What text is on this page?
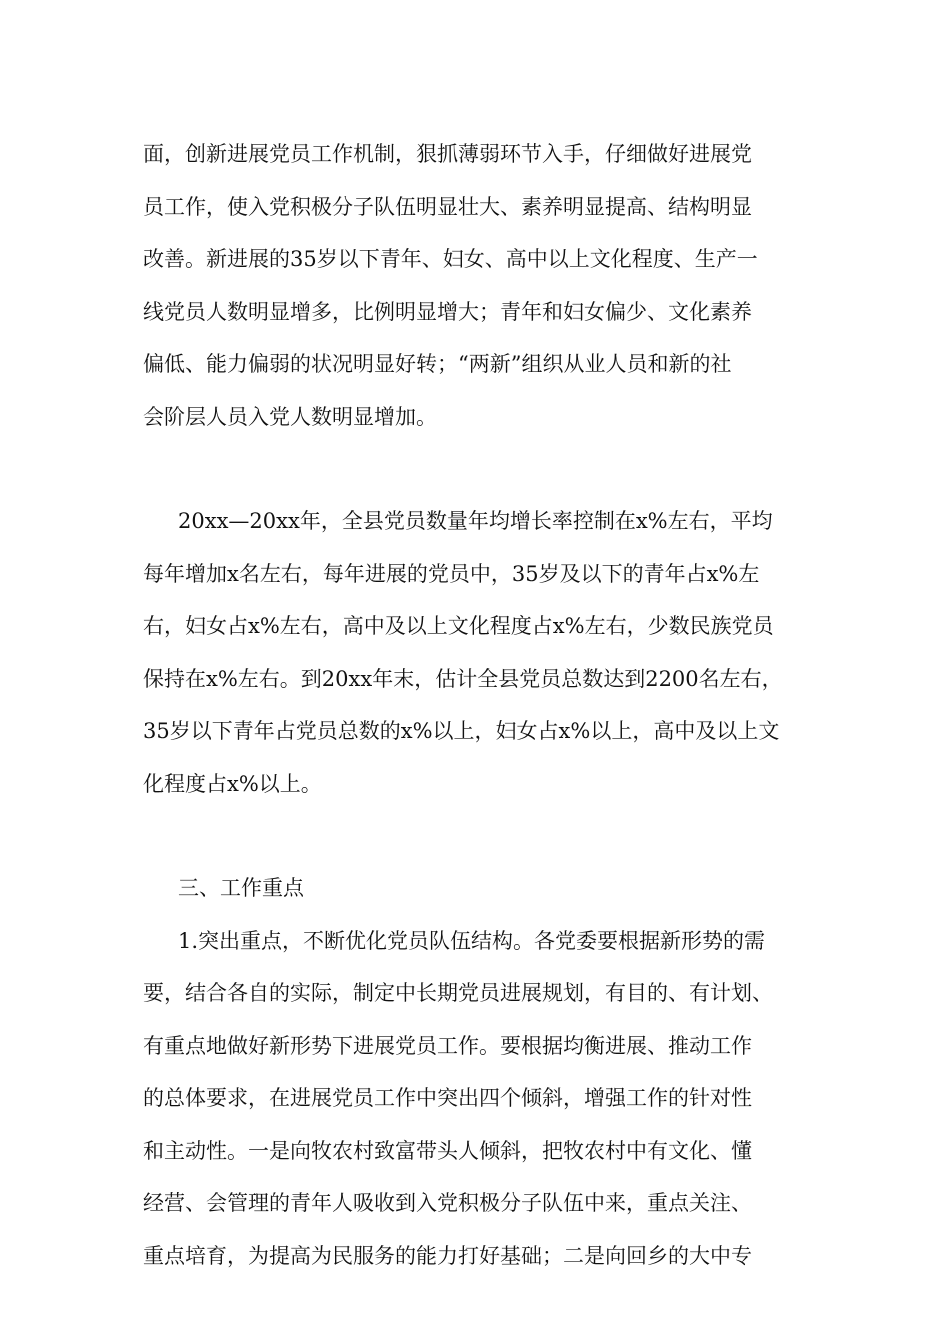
面，创新进展党员工作机制，狠抓薄弱环节入手，仔细做好进展党
员工作，使入党积极分子队伍明显壮大、素养明显提高、结构明显
改善。新进展的35岁以下青年、妇女、高中以上文化程度、生产一
线党员人数明显增多，比例明显增大；青年和妇女偏少、文化素养
偏低、能力偏弱的状况明显好转；“两新”组织从业人员和新的社
会阶层人员入党人数明显增加。
20xx—20xx年，全县党员数量年均增长率控制在x%左右，平均
每年增加x名左右，每年进展的党员中，35岁及以下的青年占x%左
右，妇女占x%左右，高中及以上文化程度占x%左右，少数民族党员
保持在x%左右。到20xx年末，估计全县党员总数达到2200名左右，
35岁以下青年占党员总数的x%以上，妇女占x%以上，高中及以上文
化程度占x%以上。
三、工作重点
1.突出重点，不断优化党员队伍结构。各党委要根据新形势的需
要，结合各自的实际，制定中长期党员进展规划，有目的、有计划、
有重点地做好新形势下进展党员工作。要根据均衡进展、推动工作
的总体要求，在进展党员工作中突出四个倾斜，增强工作的针对性
和主动性。一是向牧农村致富带头人倾斜，把牧农村中有文化、懂
经营、会管理的青年人吸收到入党积极分子队伍中来，重点关注、
重点培育，为提高为民服务的能力打好基础；二是向回乡的大中专
